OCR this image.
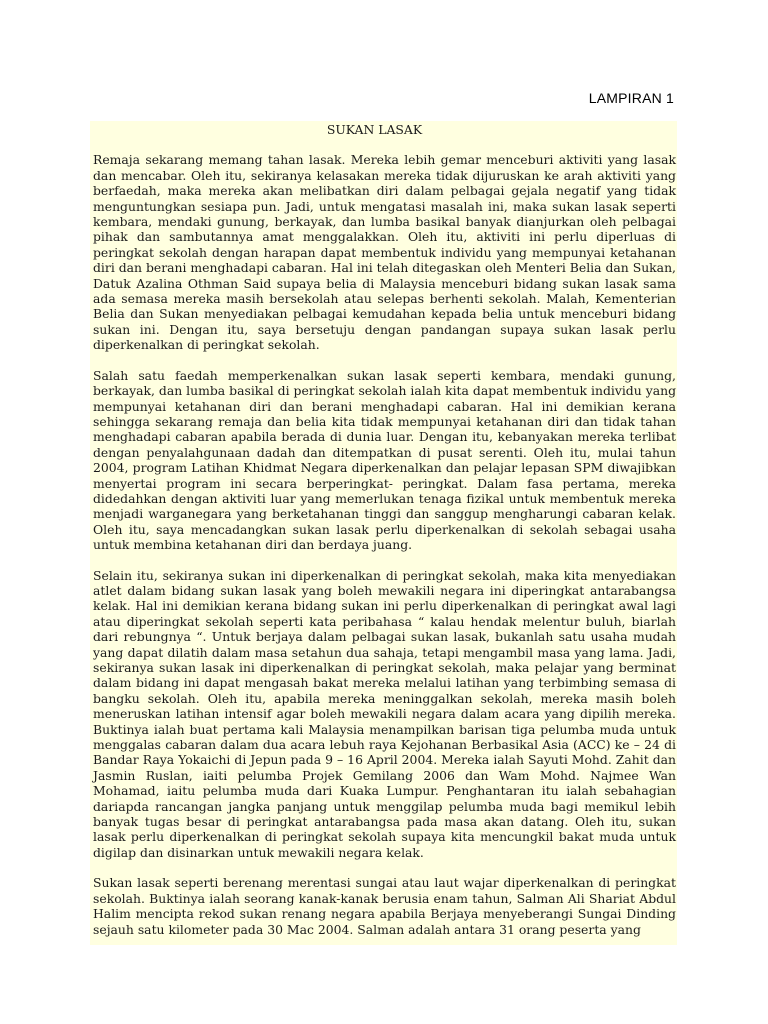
LAMPIRAN 1
SUKAN LASAK
Remaja sekarang memang tahan lasak. Mereka lebih gemar menceburi aktiviti yang lasak dan mencabar. Oleh itu, sekiranya kelasakan mereka tidak dijuruskan ke arah aktiviti yang berfaedah, maka mereka akan melibatkan diri dalam pelbagai gejala negatif yang tidak menguntungkan sesiapa pun. Jadi, untuk mengatasi masalah ini, maka sukan lasak seperti kembara, mendaki gunung, berkayak, dan lumba basikal banyak dianjurkan oleh pelbagai pihak dan sambutannya amat menggalakkan. Oleh itu, aktiviti ini perlu diperluas di peringkat sekolah dengan harapan dapat membentuk individu yang mempunyai ketahanan diri dan berani menghadapi cabaran. Hal ini telah ditegaskan oleh Menteri Belia dan Sukan, Datuk Azalina Othman Said supaya belia di Malaysia menceburi bidang sukan lasak sama ada semasa mereka masih bersekolah atau selepas berhenti sekolah. Malah, Kementerian Belia dan Sukan menyediakan pelbagai kemudahan kepada belia untuk menceburi bidang sukan ini. Dengan itu, saya bersetuju dengan pandangan supaya sukan lasak perlu diperkenalkan di peringkat sekolah.
Salah satu faedah memperkenalkan sukan lasak seperti kembara, mendaki gunung, berkayak, dan lumba basikal di peringkat sekolah ialah kita dapat membentuk individu yang mempunyai ketahanan diri dan berani menghadapi cabaran. Hal ini demikian kerana sehingga sekarang remaja dan belia kita tidak mempunyai ketahanan diri dan tidak tahan menghadapi cabaran apabila berada di dunia luar. Dengan itu, kebanyakan mereka terlibat dengan penyalahgunaan dadah dan ditempatkan di pusat serenti. Oleh itu, mulai tahun 2004, program Latihan Khidmat Negara diperkenalkan dan pelajar lepasan SPM diwajibkan menyertai program ini secara berperingkat- peringkat. Dalam fasa pertama, mereka didedahkan dengan aktiviti luar yang memerlukan tenaga fizikal untuk membentuk mereka menjadi warganegara yang berketahanan tinggi dan sanggup mengharungi cabaran kelak. Oleh itu, saya mencadangkan sukan lasak perlu diperkenalkan di sekolah sebagai usaha untuk membina ketahanan diri dan berdaya juang.
Selain itu, sekiranya sukan ini diperkenalkan di peringkat sekolah, maka kita menyediakan atlet dalam bidang sukan lasak yang boleh mewakili negara ini diperingkat antarabangsa kelak. Hal ini demikian kerana bidang sukan ini perlu diperkenalkan di peringkat awal lagi atau diperingkat sekolah seperti kata peribahasa “ kalau hendak melentur buluh, biarlah dari rebungnya “. Untuk berjaya dalam pelbagai sukan lasak, bukanlah satu usaha mudah yang dapat dilatih dalam masa setahun dua sahaja, tetapi mengambil masa yang lama. Jadi, sekiranya sukan lasak ini diperkenalkan di peringkat sekolah, maka pelajar yang berminat dalam bidang ini dapat mengasah bakat mereka melalui latihan yang terbimbing semasa di bangku sekolah. Oleh itu, apabila mereka meninggalkan sekolah, mereka masih boleh meneruskan latihan intensif agar boleh mewakili negara dalam acara yang dipilih mereka. Buktinya ialah buat pertama kali Malaysia menampilkan barisan tiga pelumba muda untuk menggalas cabaran dalam dua acara lebuh raya Kejohanan Berbasikal Asia (ACC) ke – 24 di Bandar Raya Yokaichi di Jepun pada 9 – 16 April 2004. Mereka ialah Sayuti Mohd. Zahit dan Jasmin Ruslan, iaiti pelumba Projek Gemilang 2006 dan Wam Mohd. Najmee Wan Mohamad, iaitu pelumba muda dari Kuaka Lumpur. Penghantaran itu ialah sebahagian dariapda rancangan jangka panjang untuk menggilap pelumba muda bagi memikul lebih banyak tugas besar di peringkat antarabangsa pada masa akan datang. Oleh itu, sukan lasak perlu diperkenalkan di peringkat sekolah supaya kita mencungkil bakat muda untuk digilap dan disinarkan untuk mewakili negara kelak.
Sukan lasak seperti berenang merentasi sungai atau laut wajar diperkenalkan di peringkat sekolah. Buktinya ialah seorang kanak-kanak berusia enam tahun, Salman Ali Shariat Abdul Halim mencipta rekod sukan renang negara apabila Berjaya menyeberangi Sungai Dinding sejauh satu kilometer pada 30 Mac 2004. Salman adalah antara 31 orang peserta yang
